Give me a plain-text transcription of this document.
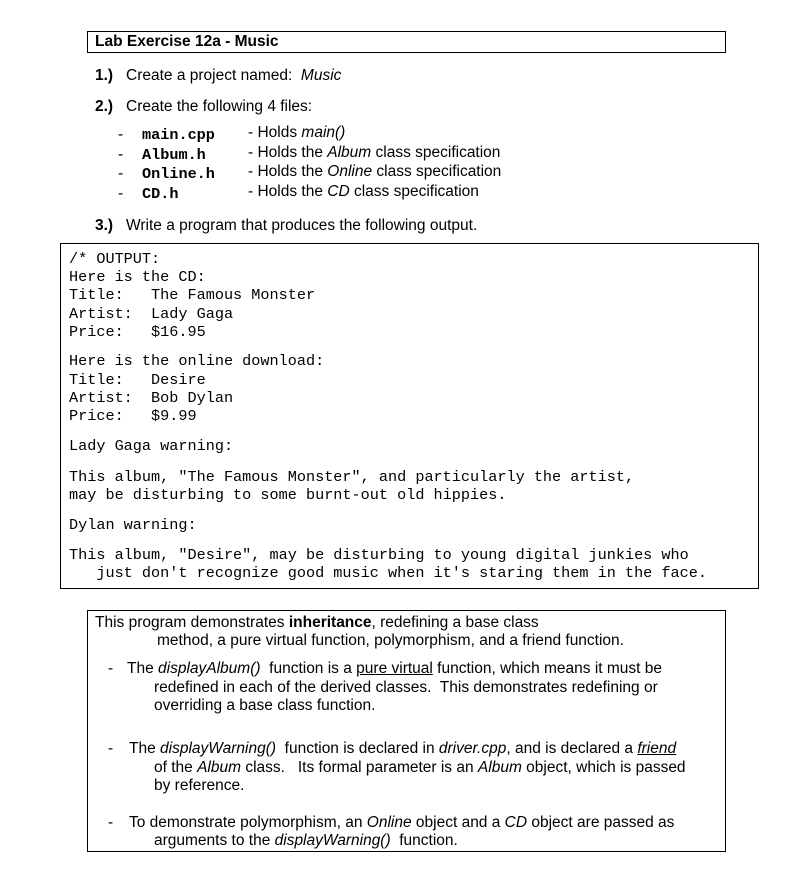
Lab Exercise 12a - Music
1.) Create a project named:  Music
2.) Create the following 4 files:
- main.cpp - Holds main()
- Album.h	- Holds the Album class specification
- Online.h - Holds the Online class specification
- CD.h	- Holds the CD class specification
3.) Write a program that produces the following output.
/* OUTPUT:
Here is the CD:
Title:   The Famous Monster
Artist:  Lady Gaga
Price:   $16.95
Here is the online download:
Title:   Desire
Artist:  Bob Dylan
Price:   $9.99
Lady Gaga warning:
This album, "The Famous Monster", and particularly the artist,
may be disturbing to some burnt-out old hippies.
Dylan warning:
This album, "Desire", may be disturbing to young digital junkies who
just don't recognize good music when it's staring them in the face.
This program demonstrates inheritance, redefining a base class
method, a pure virtual function, polymorphism, and a friend function.
- The displayAlbum()  function is a pure virtual function, which means it must be
redefined in each of the derived classes.  This demonstrates redefining or
overriding a base class function.
- The displayWarning()  function is declared in driver.cpp, and is declared a friend
of the Album class.   Its formal parameter is an Album object, which is passed
by reference.
- To demonstrate polymorphism, an Online object and a CD object are passed as
arguments to the displayWarning()  function.
